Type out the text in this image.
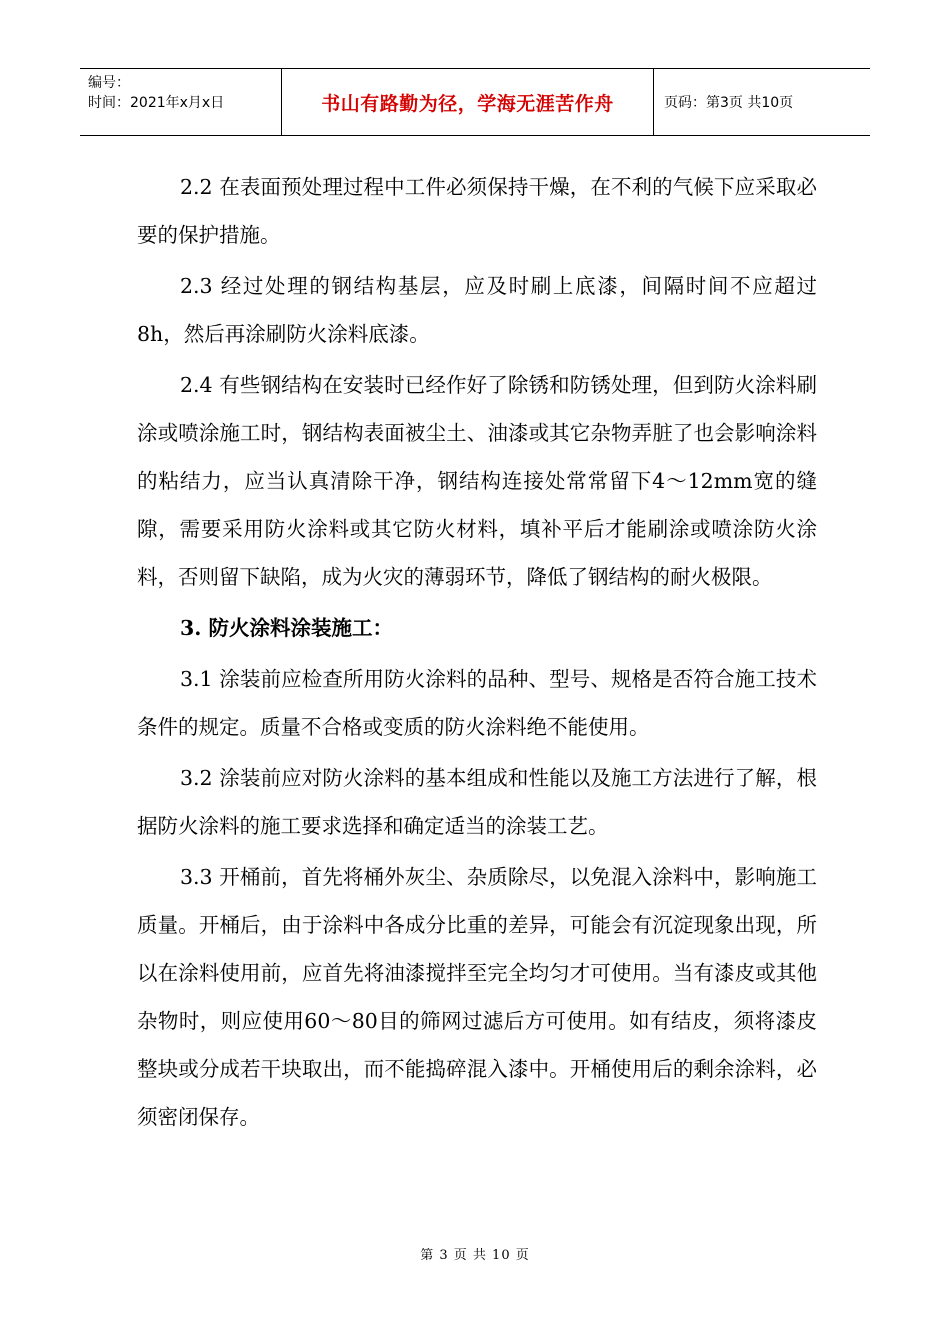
编号：
时间：2021年x月x日	书山有路勤为径，学海无涯苦作舟	页码：第3页 共10页

2.2 在表面预处理过程中工件必须保持干燥，在不利的气候下应采取必要的保护措施。

2.3 经过处理的钢结构基层，应及时刷上底漆，间隔时间不应超过8h，然后再涂刷防火涂料底漆。

2.4 有些钢结构在安装时已经作好了除锈和防锈处理，但到防火涂料刷涂或喷涂施工时，钢结构表面被尘土、油漆或其它杂物弄脏了也会影响涂料的粘结力，应当认真清除干净，钢结构连接处常常留下4～12mm宽的缝隙，需要采用防火涂料或其它防火材料，填补平后才能刷涂或喷涂防火涂料，否则留下缺陷，成为火灾的薄弱环节，降低了钢结构的耐火极限。

3. 防火涂料涂装施工：

3.1 涂装前应检查所用防火涂料的品种、型号、规格是否符合施工技术条件的规定。质量不合格或变质的防火涂料绝不能使用。

3.2 涂装前应对防火涂料的基本组成和性能以及施工方法进行了解，根据防火涂料的施工要求选择和确定适当的涂装工艺。

3.3 开桶前，首先将桶外灰尘、杂质除尽，以免混入涂料中，影响施工质量。开桶后，由于涂料中各成分比重的差异，可能会有沉淀现象出现，所以在涂料使用前，应首先将油漆搅拌至完全均匀才可使用。当有漆皮或其他杂物时，则应使用60～80目的筛网过滤后方可使用。如有结皮，须将漆皮整块或分成若干块取出，而不能捣碎混入漆中。开桶使用后的剩余涂料，必须密闭保存。

第 3 页 共 10 页
